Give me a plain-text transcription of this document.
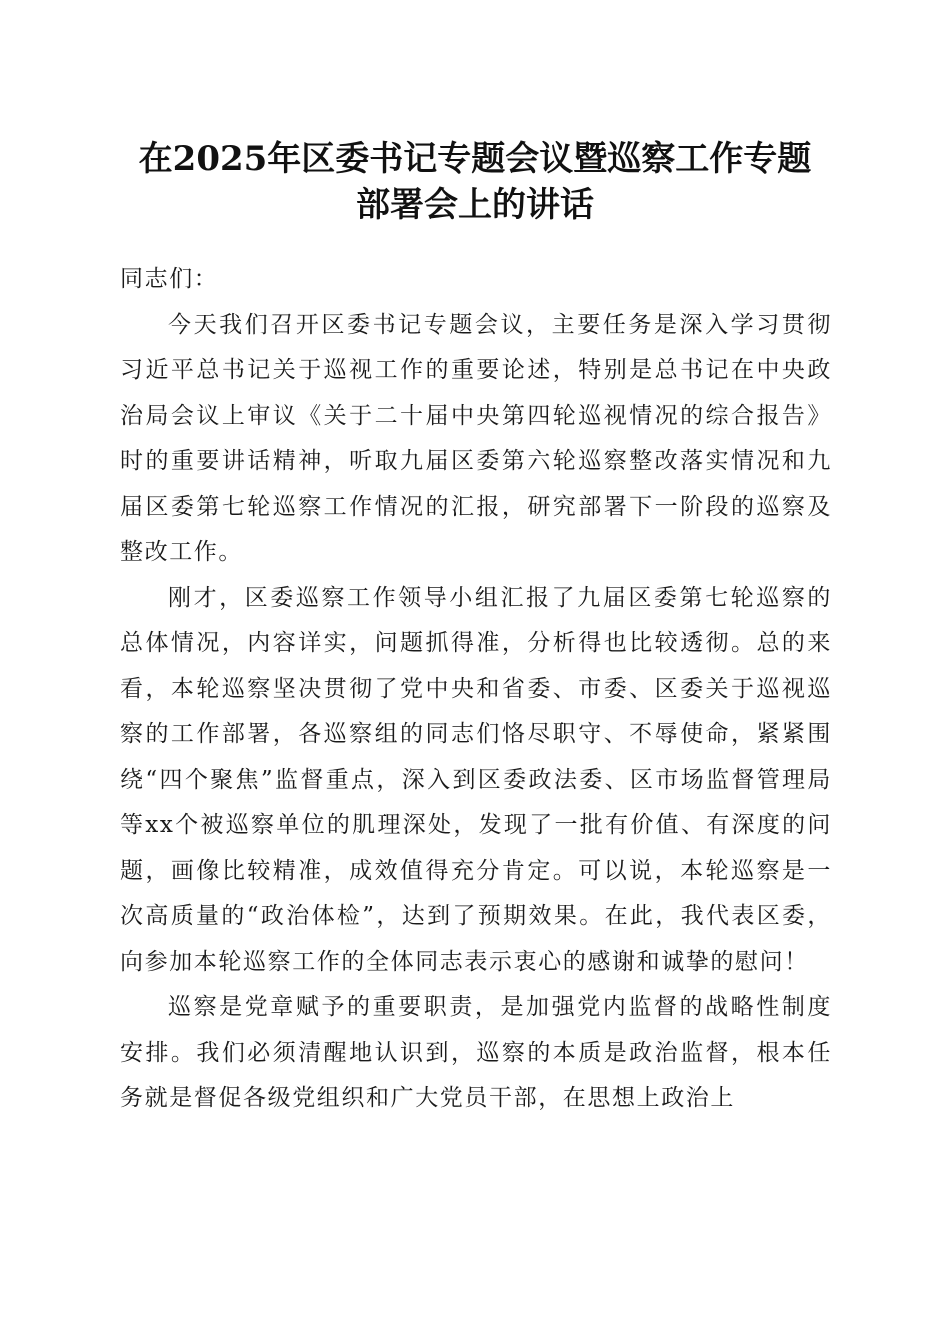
在2025年区委书记专题会议暨巡察工作专题
部署会上的讲话

同志们：

今天我们召开区委书记专题会议，主要任务是深入学习贯彻习近平总书记关于巡视工作的重要论述，特别是总书记在中央政治局会议上审议《关于二十届中央第四轮巡视情况的综合报告》时的重要讲话精神，听取九届区委第六轮巡察整改落实情况和九届区委第七轮巡察工作情况的汇报，研究部署下一阶段的巡察及整改工作。

刚才，区委巡察工作领导小组汇报了九届区委第七轮巡察的总体情况，内容详实，问题抓得准，分析得也比较透彻。总的来看，本轮巡察坚决贯彻了党中央和省委、市委、区委关于巡视巡察的工作部署，各巡察组的同志们恪尽职守、不辱使命，紧紧围绕“四个聚焦”监督重点，深入到区委政法委、区市场监督管理局等xx个被巡察单位的肌理深处，发现了一批有价值、有深度的问题，画像比较精准，成效值得充分肯定。可以说，本轮巡察是一次高质量的“政治体检”，达到了预期效果。在此，我代表区委，向参加本轮巡察工作的全体同志表示衷心的感谢和诚挚的慰问！

巡察是党章赋予的重要职责，是加强党内监督的战略性制度安排。我们必须清醒地认识到，巡察的本质是政治监督，根本任务就是督促各级党组织和广大党员干部，在思想上政治上
